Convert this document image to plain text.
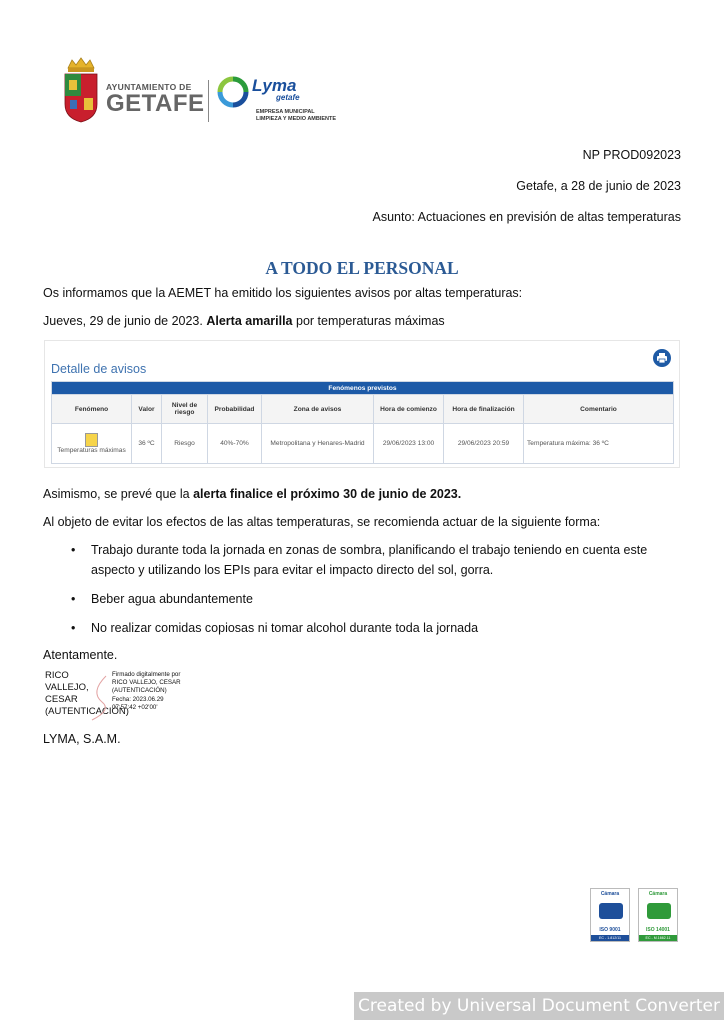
AYUNTAMIENTO DE
GETAFE
Lyma
getafe
EMPRESA MUNICIPAL
LIMPIEZA Y MEDIO AMBIENTE
NP PROD092023
Getafe, a 28 de junio de 2023
Asunto: Actuaciones en previsión de altas temperaturas
A TODO EL PERSONAL
Os informamos que la AEMET ha emitido los siguientes avisos por altas temperaturas:
Jueves, 29 de junio de 2023. Alerta amarilla por temperaturas máximas
Detalle de avisos
Fenómenos previstos							
Fenómeno	Valor	Nivel de riesgo	Probabilidad	Zona de avisos	Hora de comienzo	Hora de finalización	Comentario

Temperaturas máximas	36 ºC	Riesgo	40%-70%	Metropolitana y Henares-Madrid	29/06/2023 13:00	29/06/2023 20:59	Temperatura máxima: 36 ºC
Asimismo, se prevé que la alerta finalice el próximo 30 de junio de 2023.
Al objeto de evitar los efectos de las altas temperaturas, se recomienda actuar de la siguiente forma:
• Trabajo durante toda la jornada en zonas de sombra, planificando el trabajo teniendo en cuenta este aspecto y utilizando los EPIs para evitar el impacto directo del sol, gorra.
• Beber agua abundantemente
• No realizar comidas copiosas ni tomar alcohol durante toda la jornada
Atentamente.
RICO VALLEJO, CESAR (AUTENTICACIÓN)
Firmado digitalmente por RICO VALLEJO, CESAR (AUTENTICACIÓN)
Fecha: 2023.06.29 07:57:42 +02'00'
LYMA, S.A.M.
Cámara
ISO 9001
EC - 1.812/11
Cámara
ISO 14001
EC - M.1662.11
Created by Universal Document Converter
